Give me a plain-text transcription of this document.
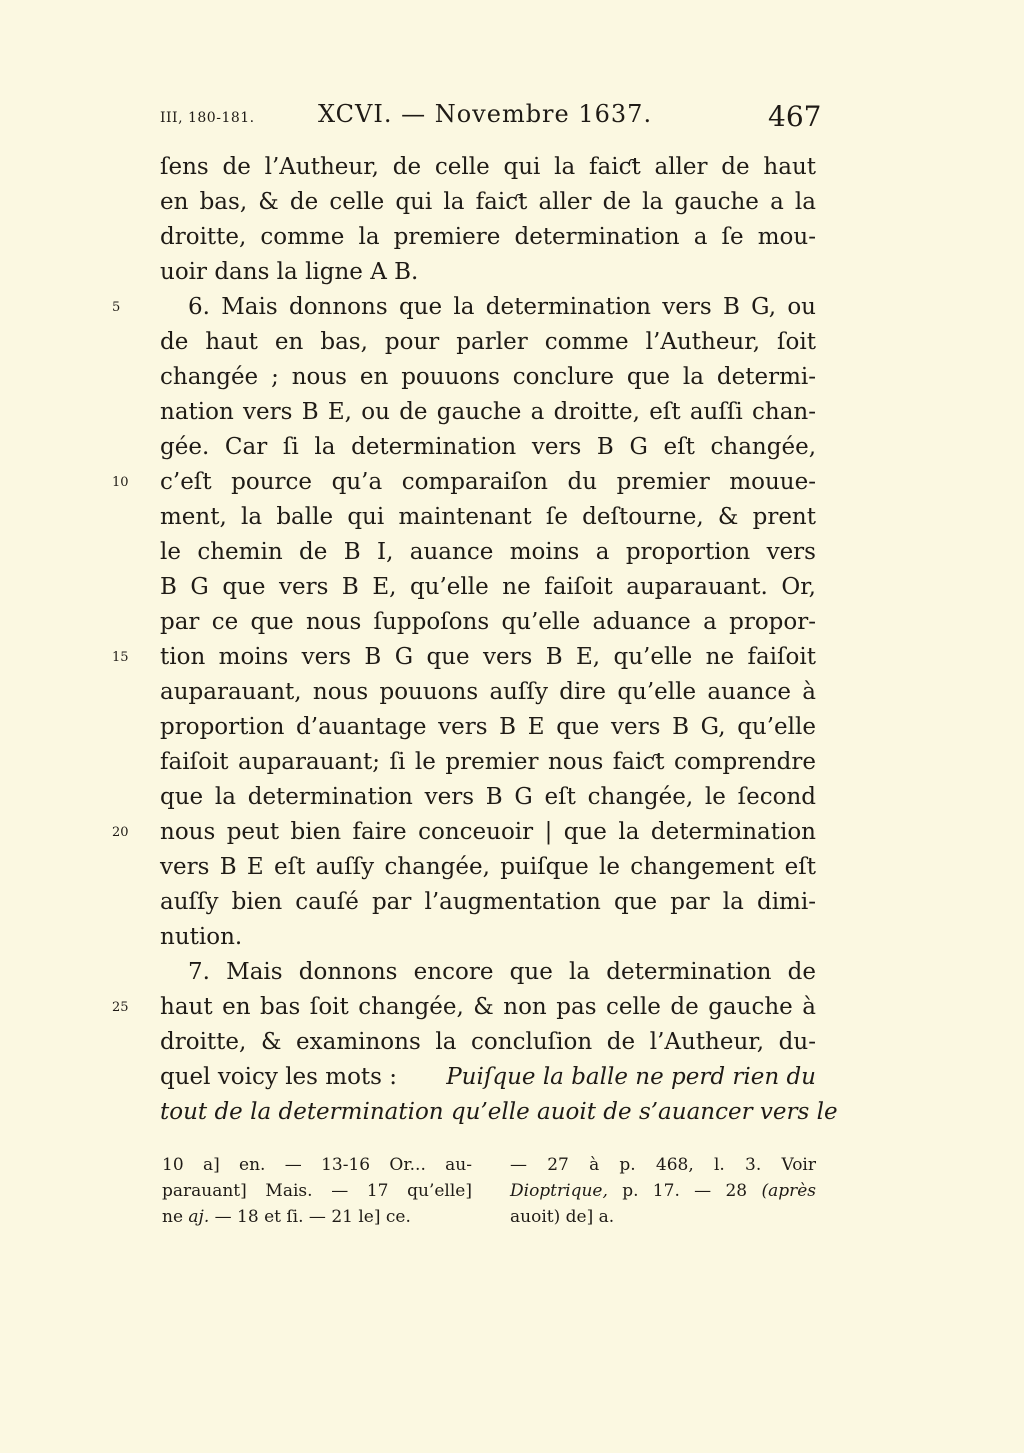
III, 180-181.	XCVI. — Novembre 1637.	467
ſens de l’Autheur, de celle qui la faiƈt aller de haut
en bas, & de celle qui la faiƈt aller de la gauche a la
droitte, comme la premiere determination a ſe mou-
uoir dans la ligne A B.
5	6. Mais donnons que la determination vers B G, ou
de haut en bas, pour parler comme l’Autheur, ſoit
changée ; nous en pouuons conclure que la determi-
nation vers B E, ou de gauche a droitte, eſt auſſi chan-
gée. Car ſi la determination vers B G eſt changée,
10	c’eſt pource qu’a comparaiſon du premier mouue-
ment, la balle qui maintenant ſe deſtourne, & prent
le chemin de B I, auance moins a proportion vers
B G que vers B E, qu’elle ne faiſoit auparauant. Or,
par ce que nous ſuppoſons qu’elle aduance a propor-
15	tion moins vers B G que vers B E, qu’elle ne faiſoit
auparauant, nous pouuons auſſy dire qu’elle auance à
proportion d’auantage vers B E que vers B G, qu’elle
faiſoit auparauant; ſi le premier nous faiƈt comprendre
que la determination vers B G eſt changée, le ſecond
20	nous peut bien faire conceuoir | que la determination
vers B E eſt auſſy changée, puiſque le changement eſt
auſſy bien cauſé par l’augmentation que par la dimi-
nution.
7. Mais donnons encore que la determination de
25	haut en bas ſoit changée, & non pas celle de gauche à
droitte, & examinons la concluſion de l’Autheur, du-
quel voicy les mots : Puiſque la balle ne perd rien du
tout de la determination qu’elle auoit de s’auancer vers le
10 a] en. — 13-16 Or... au-
parauant] Mais. — 17 qu’elle]
ne aj. — 18 et ſi. — 21 le] ce.
— 27 à p. 468, l. 3. Voir
Dioptrique, p. 17. — 28 (après
auoit) de] a.
